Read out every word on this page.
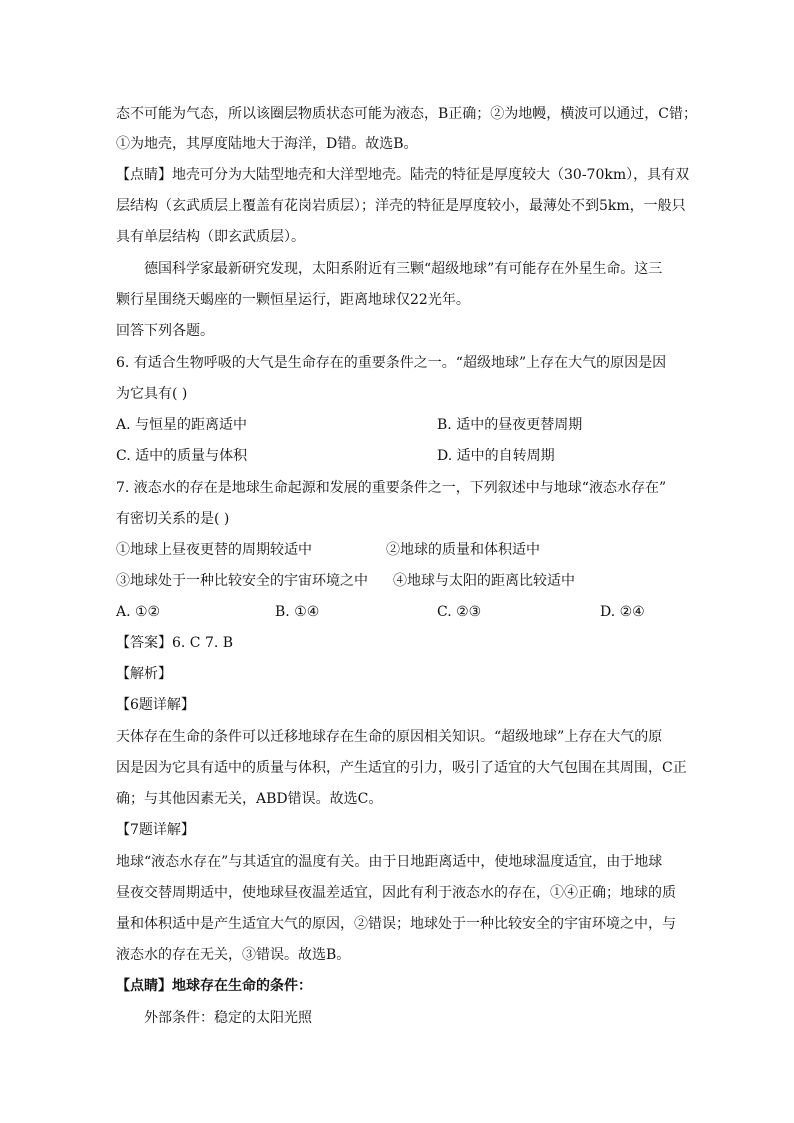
态不可能为气态，所以该圈层物质状态可能为液态，B正确；②为地幔，横波可以通过，C错；
①为地壳，其厚度陆地大于海洋，D错。故选B。
【点睛】地壳可分为大陆型地壳和大洋型地壳。陆壳的特征是厚度较大（30-70km），具有双
层结构（玄武质层上覆盖有花岗岩质层）；洋壳的特征是厚度较小，最薄处不到5km，一般只
具有单层结构（即玄武质层）。
德国科学家最新研究发现，太阳系附近有三颗“超级地球”有可能存在外星生命。这三
颗行星围绕天蝎座的一颗恒星运行，距离地球仅22光年。
回答下列各题。
6. 有适合生物呼吸的大气是生命存在的重要条件之一。“超级地球”上存在大气的原因是因
为它具有( )
A. 与恒星的距离适中	B. 适中的昼夜更替周期
C. 适中的质量与体积	D. 适中的自转周期
7. 液态水的存在是地球生命起源和发展的重要条件之一，下列叙述中与地球“液态水存在”
有密切关系的是( )
①地球上昼夜更替的周期较适中	②地球的质量和体积适中
③地球处于一种比较安全的宇宙环境之中 ④地球与太阳的距离比较适中
A. ①②	B. ①④	C. ②③	D. ②④
【答案】6. C 7. B
【解析】
【6题详解】
天体存在生命的条件可以迁移地球存在生命的原因相关知识。“超级地球”上存在大气的原
因是因为它具有适中的质量与体积，产生适宜的引力，吸引了适宜的大气包围在其周围，C正
确；与其他因素无关，ABD错误。故选C。
【7题详解】
地球“液态水存在”与其适宜的温度有关。由于日地距离适中，使地球温度适宜，由于地球
昼夜交替周期适中，使地球昼夜温差适宜，因此有利于液态水的存在，①④正确；地球的质
量和体积适中是产生适宜大气的原因，②错误；地球处于一种比较安全的宇宙环境之中，与
液态水的存在无关，③错误。故选B。
【点睛】地球存在生命的条件：
外部条件：稳定的太阳光照
